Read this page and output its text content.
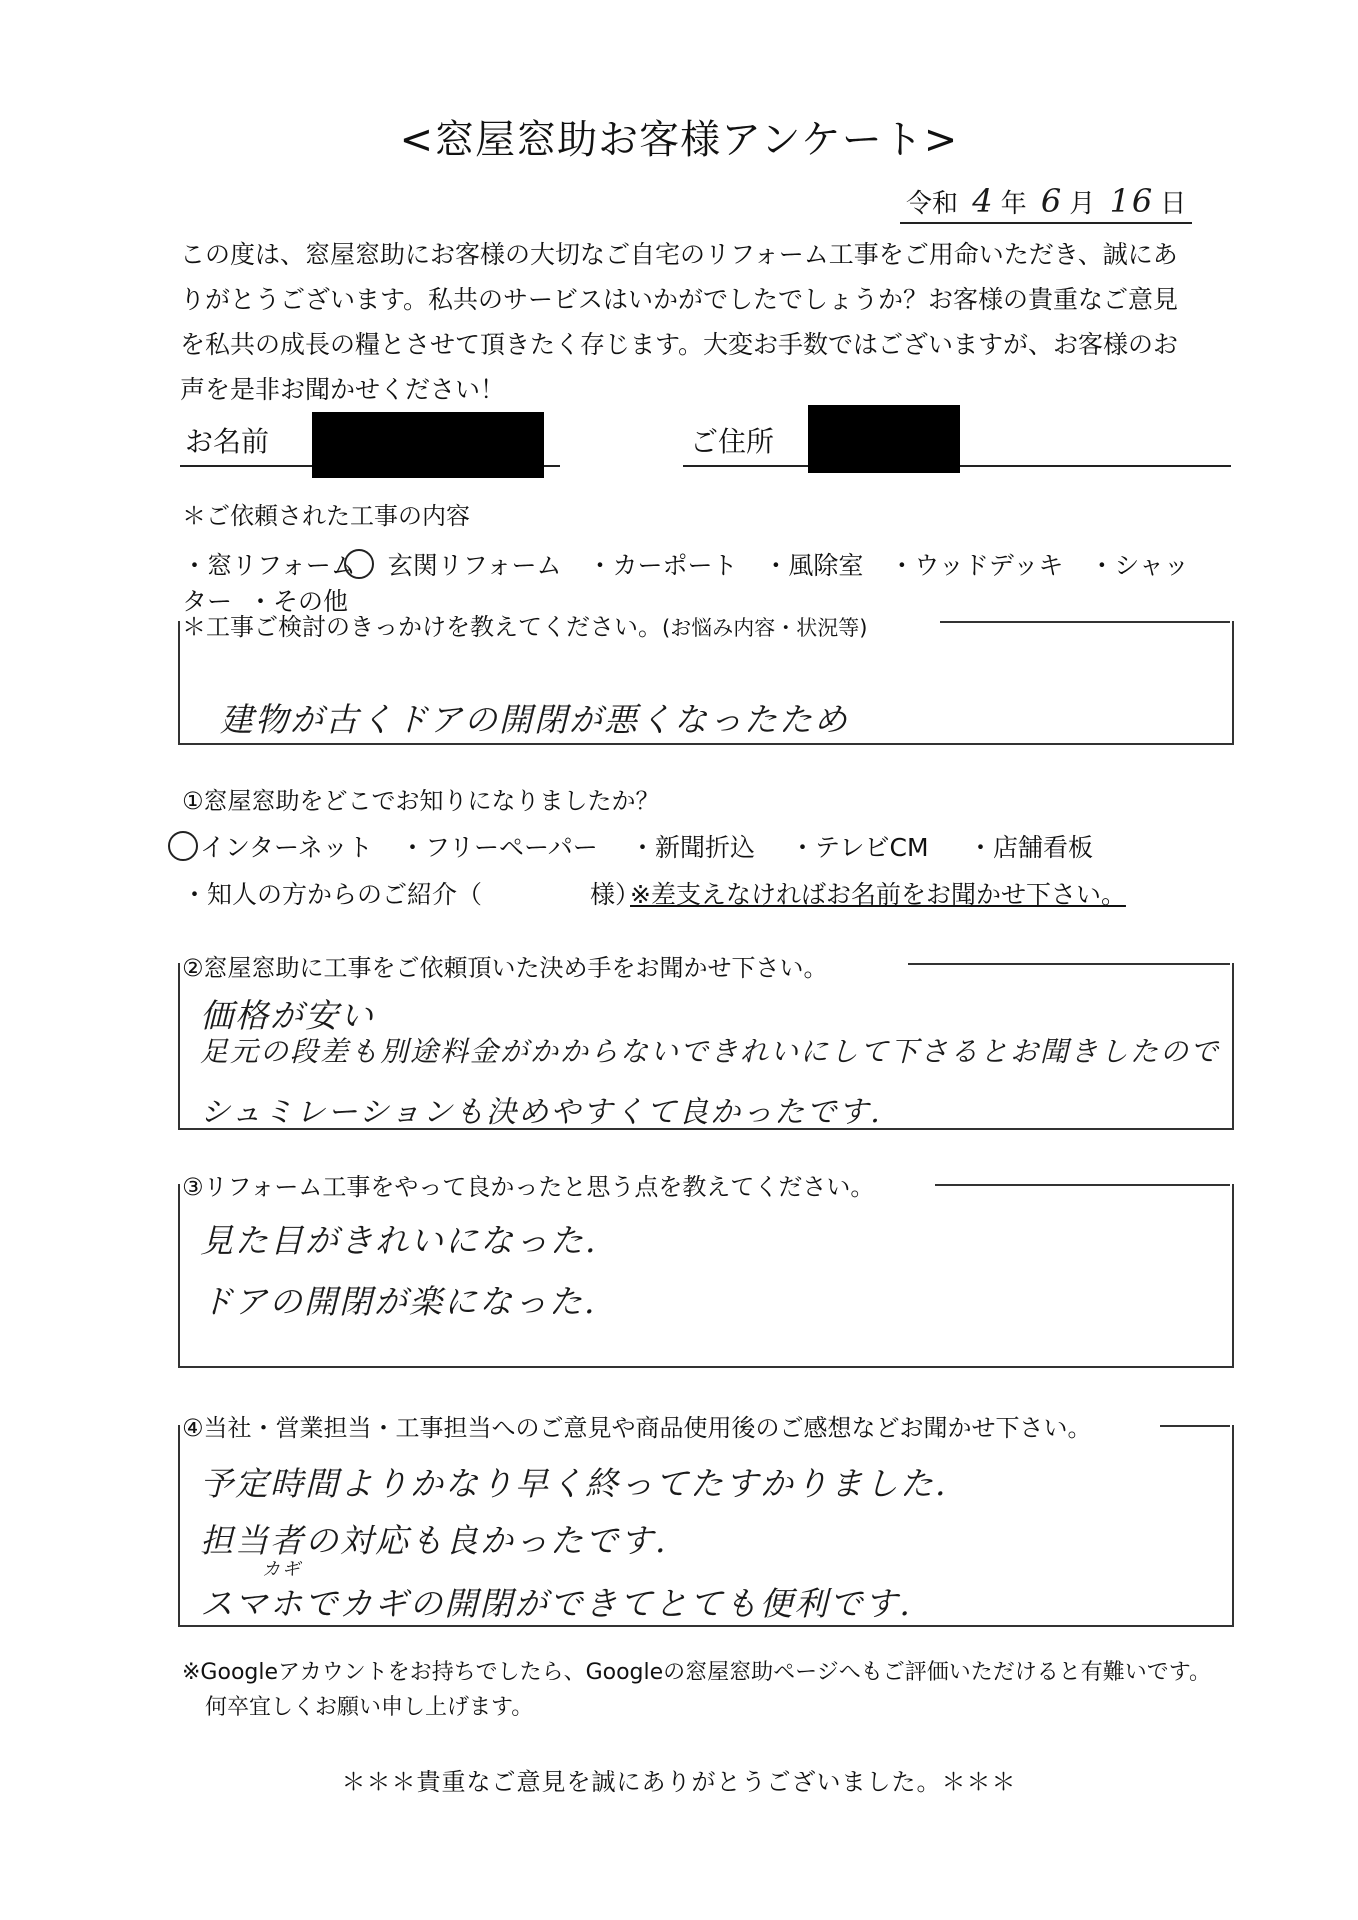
<窓屋窓助お客様アンケート>
令和 4 年 6 月 16 日
この度は、窓屋窓助にお客様の大切なご自宅のリフォーム工事をご用命いただき、誠にありがとうございます。私共のサービスはいかがでしたでしょうか？お客様の貴重なご意見を私共の成長の糧とさせて頂きたく存じます。大変お手数ではございますが、お客様のお声を是非お聞かせください！
お名前	ご住所
＊ご依頼された工事の内容
・窓リフォーム 玄関リフォーム ・カーポート ・風除室 ・ウッドデッキ ・シャッター ・その他
＊工事ご検討のきっかけを教えてください。(お悩み内容・状況等)
建物が古くドアの開閉が悪くなったため
①窓屋窓助をどこでお知りになりましたか？
インターネット ・フリーペーパー ・新聞折込 ・テレビCM ・店舗看板
・知人の方からのご紹介（	様）
※差支えなければお名前をお聞かせ下さい。
②窓屋窓助に工事をご依頼頂いた決め手をお聞かせ下さい。
価格が安い
足元の段差も別途料金がかからないできれいにして下さるとお聞きしたので
シュミレーションも決めやすくて良かったです.
③リフォーム工事をやって良かったと思う点を教えてください。
見た目がきれいになった.
ドアの開閉が楽になった.
④当社・営業担当・工事担当へのご意見や商品使用後のご感想などお聞かせ下さい。
予定時間よりかなり早く終ってたすかりました.
担当者の対応も良かったです.
カギ
スマホでカギの開閉ができてとても便利です.
※Googleアカウントをお持ちでしたら、Googleの窓屋窓助ページへもご評価いただけると有難いです。
何卒宜しくお願い申し上げます。
＊＊＊貴重なご意見を誠にありがとうございました。＊＊＊
